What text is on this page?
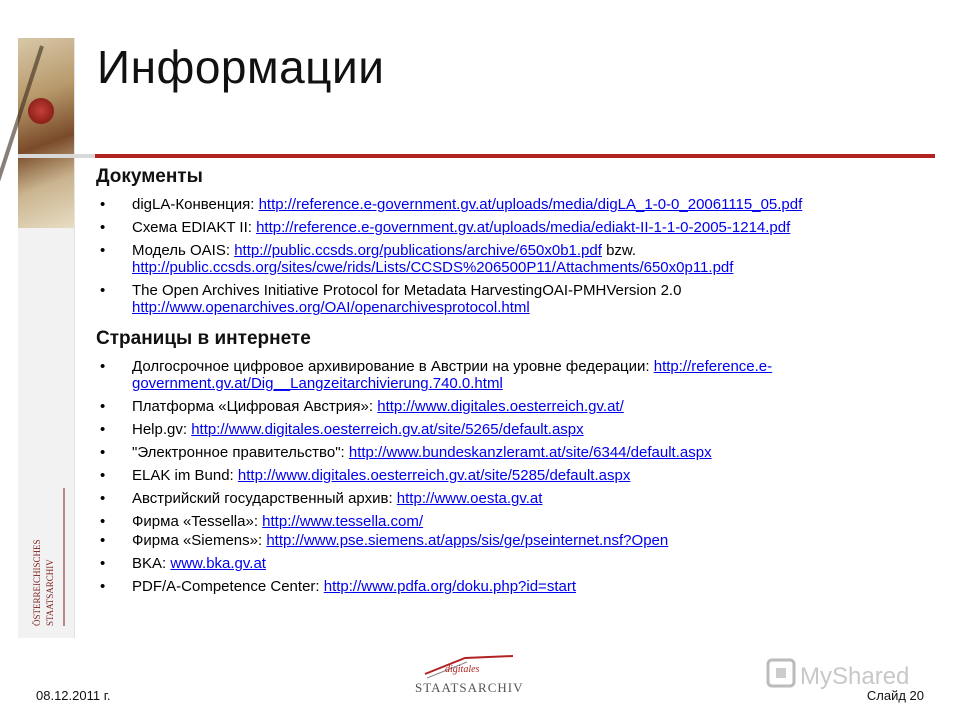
ÖSTERREICHISCHES STAATSARCHIV
Информации
Документы
• digLA-Конвенция: http://reference.e-government.gv.at/uploads/media/digLA_1-0-0_20061115_05.pdf
• Схема EDIAKT II: http://reference.e-government.gv.at/uploads/media/ediakt-II-1-1-0-2005-1214.pdf
• Модель OAIS: http://public.ccsds.org/publications/archive/650x0b1.pdf bzw. http://public.ccsds.org/sites/cwe/rids/Lists/CCSDS%206500P11/Attachments/650x0p11.pdf
• The Open Archives Initiative Protocol for Metadata HarvestingOAI-PMHVersion 2.0 http://www.openarchives.org/OAI/openarchivesprotocol.html
Страницы в интернете
• Долгосрочное цифровое архивирование в Австрии на уровне федерации: http://reference.e-government.gv.at/Dig__Langzeitarchivierung.740.0.html
• Платформа «Цифровая Австрия»: http://www.digitales.oesterreich.gv.at/
• Help.gv: http://www.digitales.oesterreich.gv.at/site/5265/default.aspx
• "Электронное правительство": http://www.bundeskanzleramt.at/site/6344/default.aspx
• ELAK im Bund: http://www.digitales.oesterreich.gv.at/site/5285/default.aspx
• Австрийский государственный архив: http://www.oesta.gv.at
• Фирма «Tessella»: http://www.tessella.com/
• Фирма «Siemens»: http://www.pse.siemens.at/apps/sis/ge/pseinternet.nsf?Open
• BKA: www.bka.gv.at
• PDF/A-Competence Center: http://www.pdfa.org/doku.php?id=start
08.12.2011 г.
digitales
STAATSARCHIV	MyShared
Слайд 20
